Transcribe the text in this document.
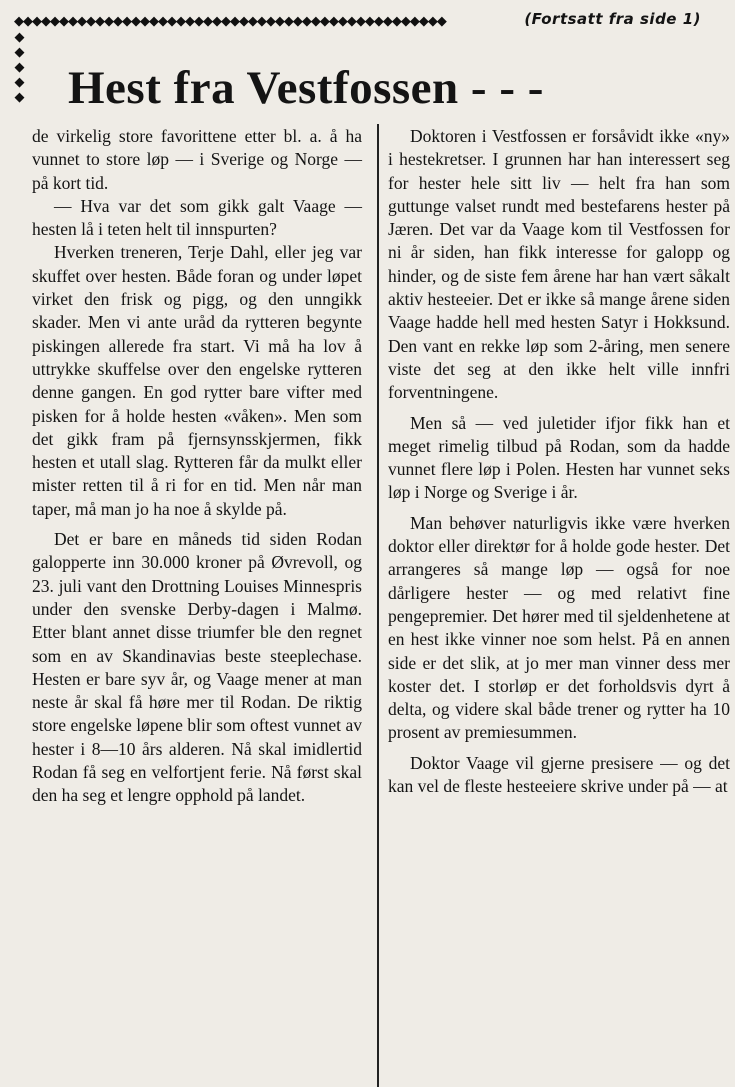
◆◆◆◆◆◆◆◆◆◆◆◆◆◆◆◆◆◆◆◆◆◆◆◆◆◆◆◆◆◆◆◆◆◆◆◆◆◆◆◆◆◆◆◆◆◆◆◆
◆◆◆◆◆
(Fortsatt fra side 1)
Hest fra Vestfossen - - -

de virkelig store favorittene etter bl. a. å ha vunnet to store løp — i Sverige og Norge — på kort tid.

— Hva var det som gikk galt Vaage — hesten lå i teten helt til innspurten?

Hverken treneren, Terje Dahl, eller jeg var skuffet over hesten. Både foran og under løpet virket den frisk og pigg, og den unngikk skader. Men vi ante uråd da rytteren begynte piskingen allerede fra start. Vi må ha lov å uttrykke skuffelse over den engelske rytteren denne gangen. En god rytter bare vifter med pisken for å holde hesten «våken». Men som det gikk fram på fjernsynsskjermen, fikk hesten et utall slag. Rytteren får da mulkt eller mister retten til å ri for en tid. Men når man taper, må man jo ha noe å skylde på.

Det er bare en måneds tid siden Rodan galopperte inn 30.000 kroner på Øvrevoll, og 23. juli vant den Drottning Louises Minnespris under den svenske Derby-dagen i Malmø. Etter blant annet disse triumfer ble den regnet som en av Skandinavias beste steeplechase. Hesten er bare syv år, og Vaage mener at man neste år skal få høre mer til Rodan. De riktig store engelske løpene blir som oftest vunnet av hester i 8—10 års alderen. Nå skal imidlertid Rodan få seg en velfortjent ferie. Nå først skal den ha seg et lengre opphold på landet.

Doktoren i Vestfossen er forsåvidt ikke «ny» i hestekretser. I grunnen har han interessert seg for hester hele sitt liv — helt fra han som guttunge valset rundt med bestefarens hester på Jæren. Det var da Vaage kom til Vestfossen for ni år siden, han fikk interesse for galopp og hinder, og de siste fem årene har han vært såkalt aktiv hesteeier. Det er ikke så mange årene siden Vaage hadde hell med hesten Satyr i Hokksund. Den vant en rekke løp som 2-åring, men senere viste det seg at den ikke helt ville innfri forventningene.

Men så — ved juletider ifjor fikk han et meget rimelig tilbud på Rodan, som da hadde vunnet flere løp i Polen. Hesten har vunnet seks løp i Norge og Sverige i år.

Man behøver naturligvis ikke være hverken doktor eller direktør for å holde gode hester. Det arrangeres så mange løp — også for noe dårligere hester — og med relativt fine pengepremier. Det hører med til sjeldenhetene at en hest ikke vinner noe som helst. På en annen side er det slik, at jo mer man vinner dess mer koster det. I storløp er det forholdsvis dyrt å delta, og videre skal både trener og rytter ha 10 prosent av premiesummen.

Doktor Vaage vil gjerne presisere — og det kan vel de fleste hesteeiere skrive under på — at
